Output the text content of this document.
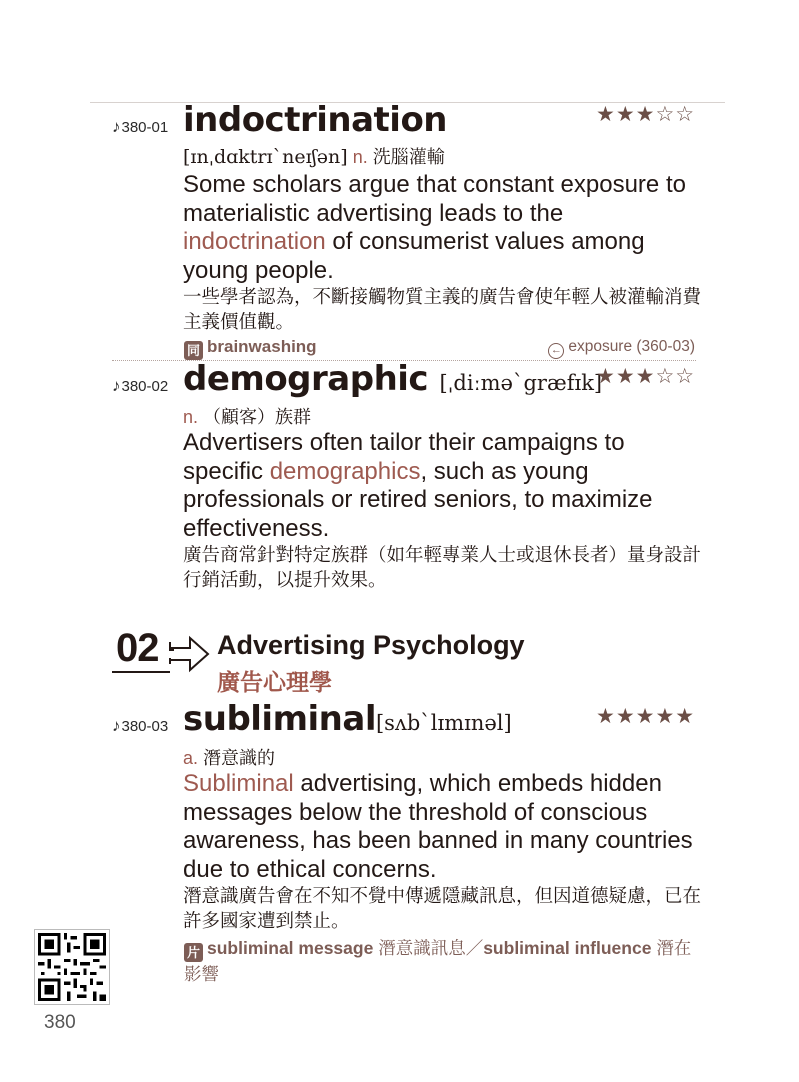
♪380-01 indoctrination	★★★☆☆
[ɪnˌdɑktrɪˋneɪʃən] n. 洗腦灌輸
Some scholars argue that constant exposure to materialistic advertising leads to the indoctrination of consumerist values among young people.
一些學者認為，不斷接觸物質主義的廣告會使年輕人被灌輸消費主義價值觀。
同 brainwashing	← exposure (360-03)
♪380-02 demographic [ˌdiːməˋgræfɪk]
★★★☆☆
n. （顧客）族群
Advertisers often tailor their campaigns to specific demographics, such as young professionals or retired seniors, to maximize effectiveness.
廣告商常針對特定族群（如年輕專業人士或退休長者）量身設計行銷活動，以提升效果。
02 Advertising Psychology
廣告心理學
♪380-03 subliminal[sʌbˋlɪmɪnəl]	★★★★★
a. 潛意識的
Subliminal advertising, which embeds hidden messages below the threshold of conscious awareness, has been banned in many countries due to ethical concerns.
潛意識廣告會在不知不覺中傳遞隱藏訊息，但因道德疑慮，已在許多國家遭到禁止。
片 subliminal message 潛意識訊息／subliminal influence 潛在影響
380
